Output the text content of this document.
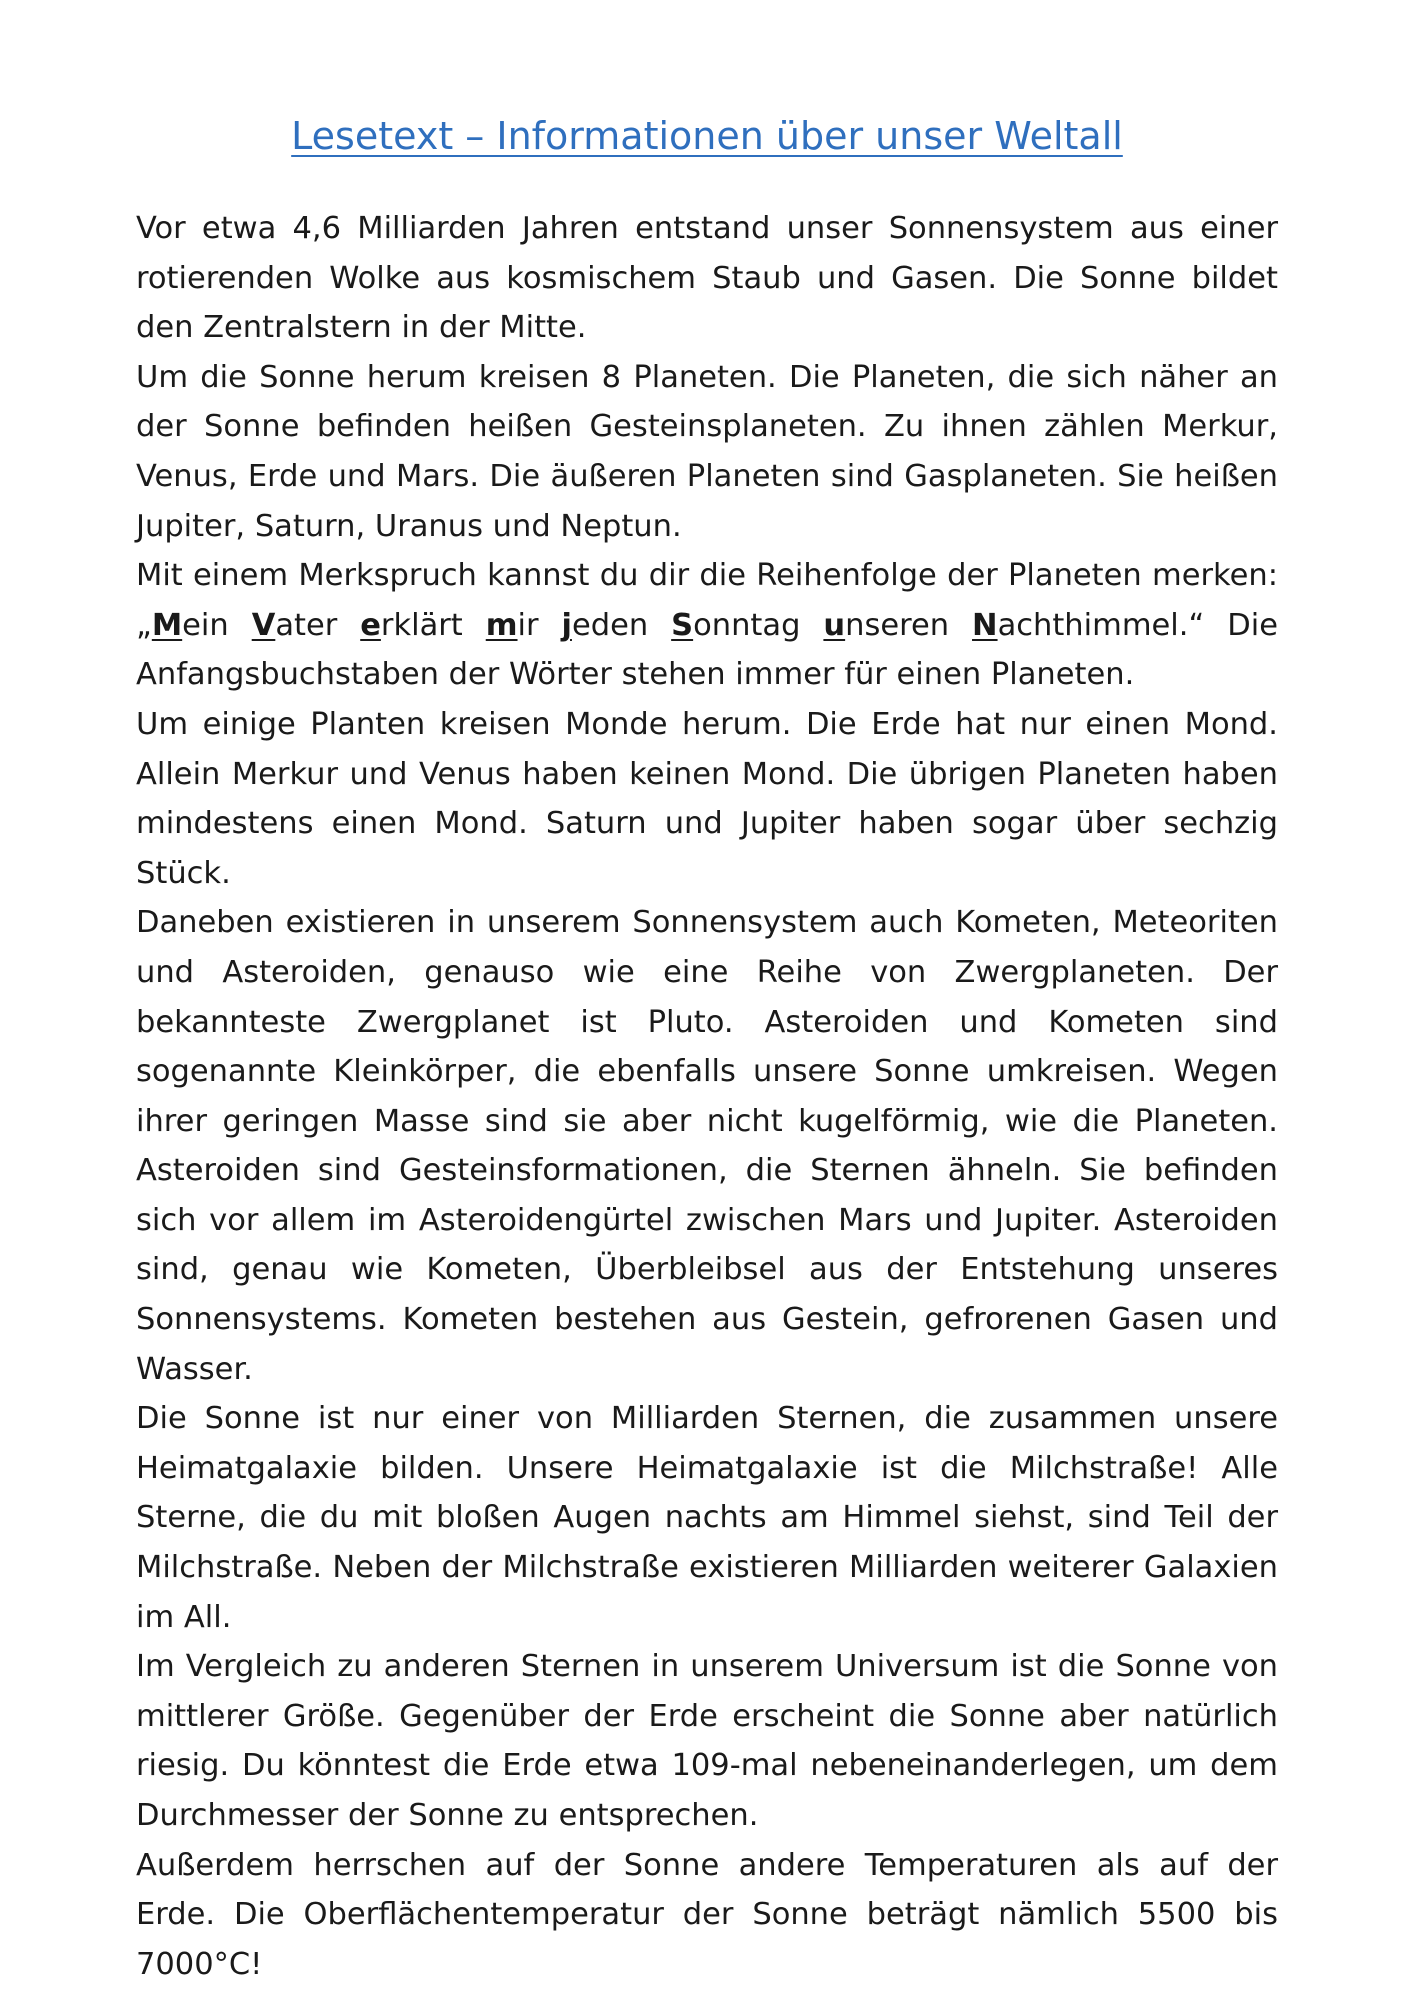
Lesetext – Informationen über unser Weltall

Vor etwa 4,6 Milliarden Jahren entstand unser Sonnensystem aus einer rotierenden Wolke aus kosmischem Staub und Gasen. Die Sonne bildet den Zentralstern in der Mitte.

Um die Sonne herum kreisen 8 Planeten. Die Planeten, die sich näher an der Sonne befinden heißen Gesteinsplaneten. Zu ihnen zählen Merkur, Venus, Erde und Mars. Die äußeren Planeten sind Gasplaneten. Sie heißen Jupiter, Saturn, Uranus und Neptun.

Mit einem Merkspruch kannst du dir die Reihenfolge der Planeten merken: „Mein Vater erklärt mir jeden Sonntag unseren Nachthimmel.“ Die Anfangsbuchstaben der Wörter stehen immer für einen Planeten.

Um einige Planten kreisen Monde herum. Die Erde hat nur einen Mond. Allein Merkur und Venus haben keinen Mond. Die übrigen Planeten haben mindestens einen Mond. Saturn und Jupiter haben sogar über sechzig Stück.

Daneben existieren in unserem Sonnensystem auch Kometen, Meteoriten und Asteroiden, genauso wie eine Reihe von Zwergplaneten. Der bekannteste Zwergplanet ist Pluto. Asteroiden und Kometen sind sogenannte Kleinkörper, die ebenfalls unsere Sonne umkreisen. Wegen ihrer geringen Masse sind sie aber nicht kugelförmig, wie die Planeten. Asteroiden sind Gesteinsformationen, die Sternen ähneln. Sie befinden sich vor allem im Asteroidengürtel zwischen Mars und Jupiter. Asteroiden sind, genau wie Kometen, Überbleibsel aus der Entstehung unseres Sonnensystems. Kometen bestehen aus Gestein, gefrorenen Gasen und Wasser.

Die Sonne ist nur einer von Milliarden Sternen, die zusammen unsere Heimatgalaxie bilden. Unsere Heimatgalaxie ist die Milchstraße! Alle Sterne, die du mit bloßen Augen nachts am Himmel siehst, sind Teil der Milchstraße. Neben der Milchstraße existieren Milliarden weiterer Galaxien im All.

Im Vergleich zu anderen Sternen in unserem Universum ist die Sonne von mittlerer Größe. Gegenüber der Erde erscheint die Sonne aber natürlich riesig. Du könntest die Erde etwa 109-mal nebeneinanderlegen, um dem Durchmesser der Sonne zu entsprechen.

Außerdem herrschen auf der Sonne andere Temperaturen als auf der Erde. Die Oberflächentemperatur der Sonne beträgt nämlich 5500 bis 7000°C!
